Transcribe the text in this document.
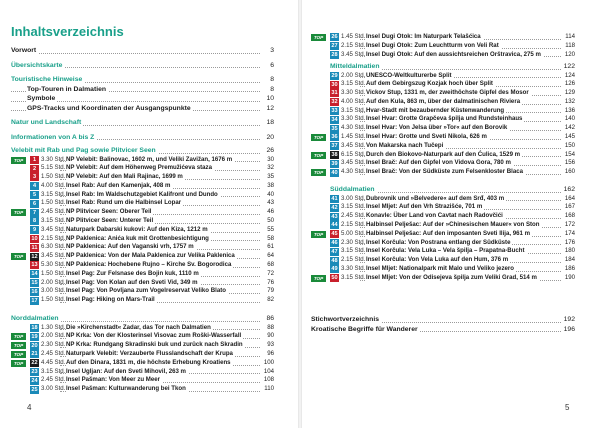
Inhaltsverzeichnis
Vorwort	3
Übersichtskarte	6
Touristische Hinweise	8
Top-Touren in Dalmatien	8
Symbole	10
GPS-Tracks und Koordinaten der Ausgangspunkte	12
Natur und Landschaft	18
Informationen von A bis Z	20
Velebit mit Rab und Pag sowie Plitvicer Seen	26
TOP	1 3.30 Std.NP Velebit: Balinovac, 1602 m, und Veliki Zavižan, 1676 m	30
2 5.15 Std.NP Velebit: Auf dem Höhenweg Premužićeva staza	32
3 1.50 Std.NP Velebit: Auf den Mali Rajinac, 1699 m	35
4 4.00 Std.Insel Rab: Auf den Kamenjak, 408 m	38
5 3.15 Std.Insel Rab: Im Waldschutzgebiet Kalifront und Dundo	40
6 1.50 Std.Insel Rab: Rund um die Halbinsel Lopar	43
TOP	7 2.45 Std.NP Plitvicer Seen: Oberer Teil	46
8 3.15 Std.NP Plitvicer Seen: Unterer Teil	50
9 3.45 Std.Naturpark Dabarski kukovi: Auf den Kiza, 1212 m	55
10 2.15 Std.NP Paklenica: Anića kuk mit Grottenbesichtigung	58
11 6.30 Std.NP Paklenica: Auf den Vaganski vrh, 1757 m	61
TOP	12 3.45 Std.NP Paklenica: Von der Mala Paklenica zur Velika Paklenica	64
13 5.30 Std.NP Paklenica: Hochebene Rujno – Kirche Sv. Bogorodica	68
14 1.50 Std.Insel Pag: Zur Felsnase des Bojin kuk, 1110 m	72
15 2.00 Std.Insel Pag: Von Kolan auf den Sveti Vid, 349 m	76
16 3.00 Std.Insel Pag: Von Povljana zum Vogelreservat Veliko Blato	79
17 1.50 Std.Insel Pag: Hiking on Mars-Trail	82
Norddalmatien	86
18 1.30 Std.Die »Kirchenstadt« Zadar, das Tor nach Dalmatien	88
TOP	19 2.00 Std.NP Krka: Von der Klosterinsel Visovac zum Roški-Wasserfall	90
TOP	20 2.30 Std.NP Krka: Rundgang Skradinski buk und zurück nach Skradin	93
TOP	21 2.45 Std.Naturpark Velebit: Verzauberte Flusslandschaft der Krupa	96
TOP	22 4.45 Std.Auf den Dinara, 1831 m, die höchste Erhebung Kroatiens	100
23 3.15 Std.Insel Ugljan: Auf den Sveti Mihovil, 263 m	104
24 2.45 Std.Insel Pašman: Von Meer zu Meer	108
25 3.00 Std.Insel Pašman: Kulturwanderung bei Tkon	110
4
TOP	26 1.45 Std.Insel Dugi Otok: Im Naturpark Telašćica	114
27 2.15 Std.Insel Dugi Otok: Zum Leuchtturm von Veli Rat	118
28 3.45 Std.Insel Dugi Otok: Auf den aussichtsreichen Orštravica, 275 m	120
Mitteldalmatien	122
29 2.00 Std.UNESCO-Weltkulturerbe Split	124
30 3.15 Std.Auf dem Gebirgszug Kozjak hoch über Split	126
31 3.30 Std.Vickov Stup, 1331 m, der zweithöchste Gipfel des Mosor	129
32 4.00 Std.Auf den Kula, 863 m, über der dalmatinischen Riviera	132
33 3.15 Std.Hvar-Stadt mit bezaubernder Küstenwanderung	136
34 3.30 Std.Insel Hvar: Grotte Grapčeva špilja und Rundsteinhaus	140
35 4.30 Std.Insel Hvar: Von Jelsa über »Tor« auf den Borovik	142
TOP	36 1.45 Std.Insel Hvar: Grotte und Sveti Nikola, 626 m	145
37 3.45 Std.Von Makarska nach Tučepi	150
TOP	38 6.15 Std.Durch den Biokovo-Naturpark auf den Ćulica, 1529 m	154
39 3.45 Std.Insel Brač: Auf den Gipfel von Vidova Gora, 780 m	156
TOP	40 4.30 Std.Insel Brač: Von der Südküste zum Felsenkloster Blaca	160
Süddalmatien	162
41 3.00 Std.Dubrovnik und »Belvedere« auf dem Srđ, 403 m	164
42 3.15 Std.Insel Mljet: Auf den Vrh Strazišće, 701 m	167
43 2.45 Std.Konavle: Über Land von Cavtat nach Radovčići	168
44 2.15 Std.Halbinsel Pelješac: Auf der »Chinesischen Mauer« von Ston	172
TOP	45 5.00 Std.Halbinsel Pelješac: Auf den imposanten Sveti Ilija, 961 m	174
46 2.30 Std.Insel Korčula: Von Postrana entlang der Südküste	176
47 3.15 Std.Insel Korčula: Vela Luka – Vela špilja – Prapatna-Bucht	180
48 2.15 Std.Insel Korčula: Von Vela Luka auf den Hum, 376 m	184
49 3.30 Std.Insel Mljet: Nationalpark mit Malo und Veliko jezero	186
TOP	50 3.15 Std.Insel Mljet: Von der Odisejeva špilja zum Veliki Grad, 514 m	190
Stichwortverzeichnis	192
Kroatische Begriffe für Wanderer	196
5
